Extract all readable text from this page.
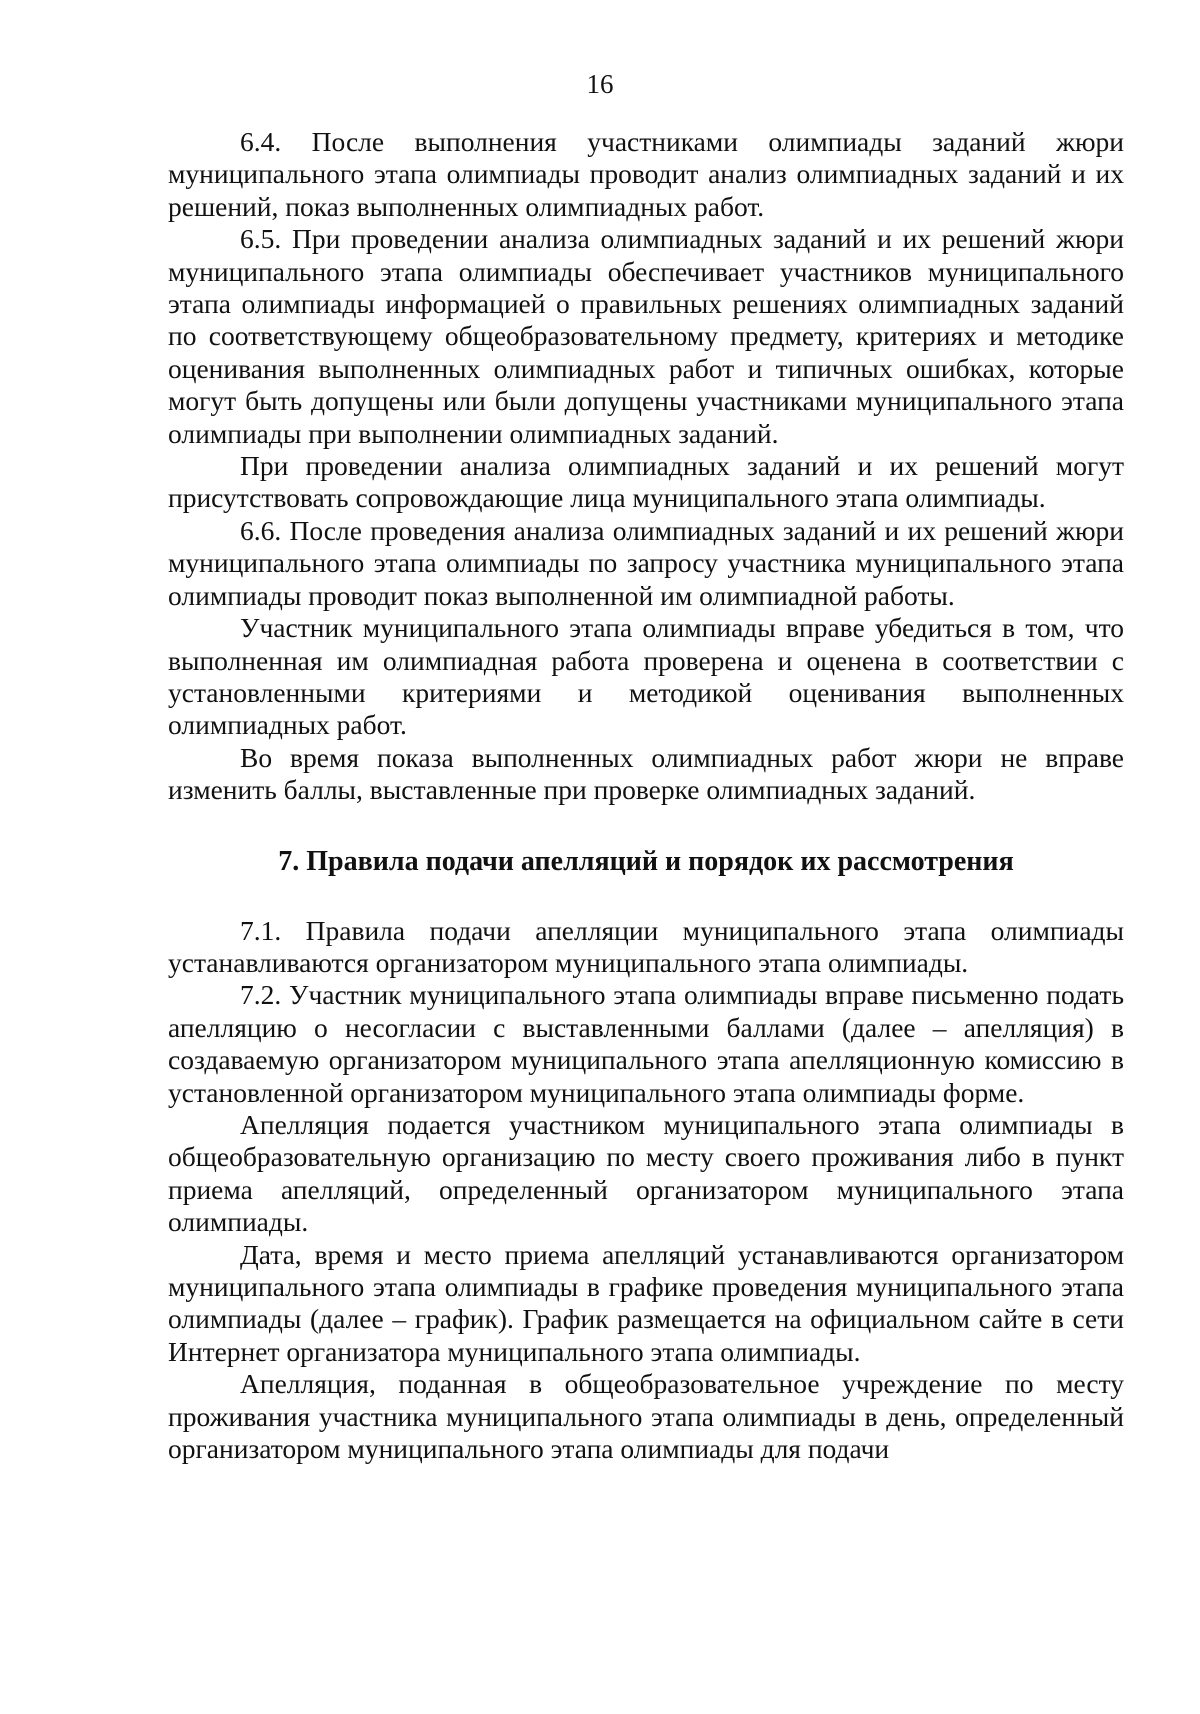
16

6.4. После выполнения участниками олимпиады заданий жюри муниципального этапа олимпиады проводит анализ олимпиадных заданий и их решений, показ выполненных олимпиадных работ.

6.5. При проведении анализа олимпиадных заданий и их решений жюри муниципального этапа олимпиады обеспечивает участников муниципального этапа олимпиады информацией о правильных решениях олимпиадных заданий по соответствующему общеобразовательному предмету, критериях и методике оценивания выполненных олимпиадных работ и типичных ошибках, которые могут быть допущены или были допущены участниками муниципального этапа олимпиады при выполнении олимпиадных заданий.

При проведении анализа олимпиадных заданий и их решений могут присутствовать сопровождающие лица муниципального этапа олимпиады.

6.6. После проведения анализа олимпиадных заданий и их решений жюри муниципального этапа олимпиады по запросу участника муниципального этапа олимпиады проводит показ выполненной им олимпиадной работы.

Участник муниципального этапа олимпиады вправе убедиться в том, что выполненная им олимпиадная работа проверена и оценена в соответствии с установленными критериями и методикой оценивания выполненных олимпиадных работ.

Во время показа выполненных олимпиадных работ жюри не вправе изменить баллы, выставленные при проверке олимпиадных заданий.

7. Правила подачи апелляций и порядок их рассмотрения

7.1. Правила подачи апелляции муниципального этапа олимпиады устанавливаются организатором муниципального этапа олимпиады.

7.2. Участник муниципального этапа олимпиады вправе письменно подать апелляцию о несогласии с выставленными баллами (далее – апелляция) в создаваемую организатором муниципального этапа апелляционную комиссию в установленной организатором муниципального этапа олимпиады форме.

Апелляция подается участником муниципального этапа олимпиады в общеобразовательную организацию по месту своего проживания либо в пункт приема апелляций, определенный организатором муниципального этапа олимпиады.

Дата, время и место приема апелляций устанавливаются организатором муниципального этапа олимпиады в графике проведения муниципального этапа олимпиады (далее – график). График размещается на официальном сайте в сети Интернет организатора муниципального этапа олимпиады.

Апелляция, поданная в общеобразовательное учреждение по месту проживания участника муниципального этапа олимпиады в день, определенный организатором муниципального этапа олимпиады для подачи
